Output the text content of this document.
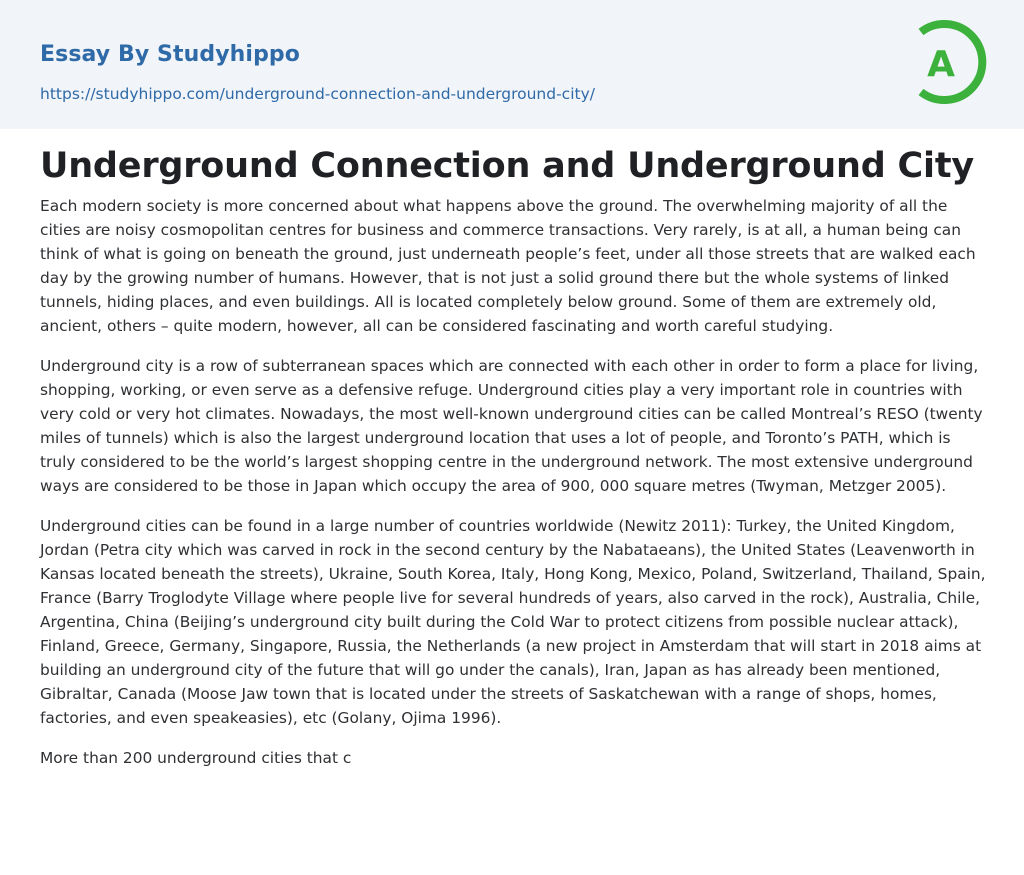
Essay By Studyhippo
https://studyhippo.com/underground-connection-and-underground-city/
A
Underground Connection and Underground City

Each modern society is more concerned about what happens above the ground. The overwhelming majority of all the cities are noisy cosmopolitan centres for business and commerce transactions. Very rarely, is at all, a human being can think of what is going on beneath the ground, just underneath people’s feet, under all those streets that are walked each day by the growing number of humans. However, that is not just a solid ground there but the whole systems of linked tunnels, hiding places, and even buildings. All is located completely below ground. Some of them are extremely old, ancient, others – quite modern, however, all can be considered fascinating and worth careful studying.

Underground city is a row of subterranean spaces which are connected with each other in order to form a place for living, shopping, working, or even serve as a defensive refuge. Underground cities play a very important role in countries with very cold or very hot climates. Nowadays, the most well-known underground cities can be called Montreal’s RESO (twenty miles of tunnels) which is also the largest underground location that uses a lot of people, and Toronto’s PATH, which is truly considered to be the world’s largest shopping centre in the underground network. The most extensive underground ways are considered to be those in Japan which occupy the area of 900, 000 square metres (Twyman, Metzger 2005).

Underground cities can be found in a large number of countries worldwide (Newitz 2011): Turkey, the United Kingdom, Jordan (Petra city which was carved in rock in the second century by the Nabataeans), the United States (Leavenworth in Kansas located beneath the streets), Ukraine, South Korea, Italy, Hong Kong, Mexico, Poland, Switzerland, Thailand, Spain, France (Barry Troglodyte Village where people live for several hundreds of years, also carved in the rock), Australia, Chile, Argentina, China (Beijing’s underground city built during the Cold War to protect citizens from possible nuclear attack), Finland, Greece, Germany, Singapore, Russia, the Netherlands (a new project in Amsterdam that will start in 2018 aims at building an underground city of the future that will go under the canals), Iran, Japan as has already been mentioned, Gibraltar, Canada (Moose Jaw town that is located under the streets of Saskatchewan with a range of shops, homes, factories, and even speakeasies), etc (Golany, Ojima 1996).

More than 200 underground cities that c
